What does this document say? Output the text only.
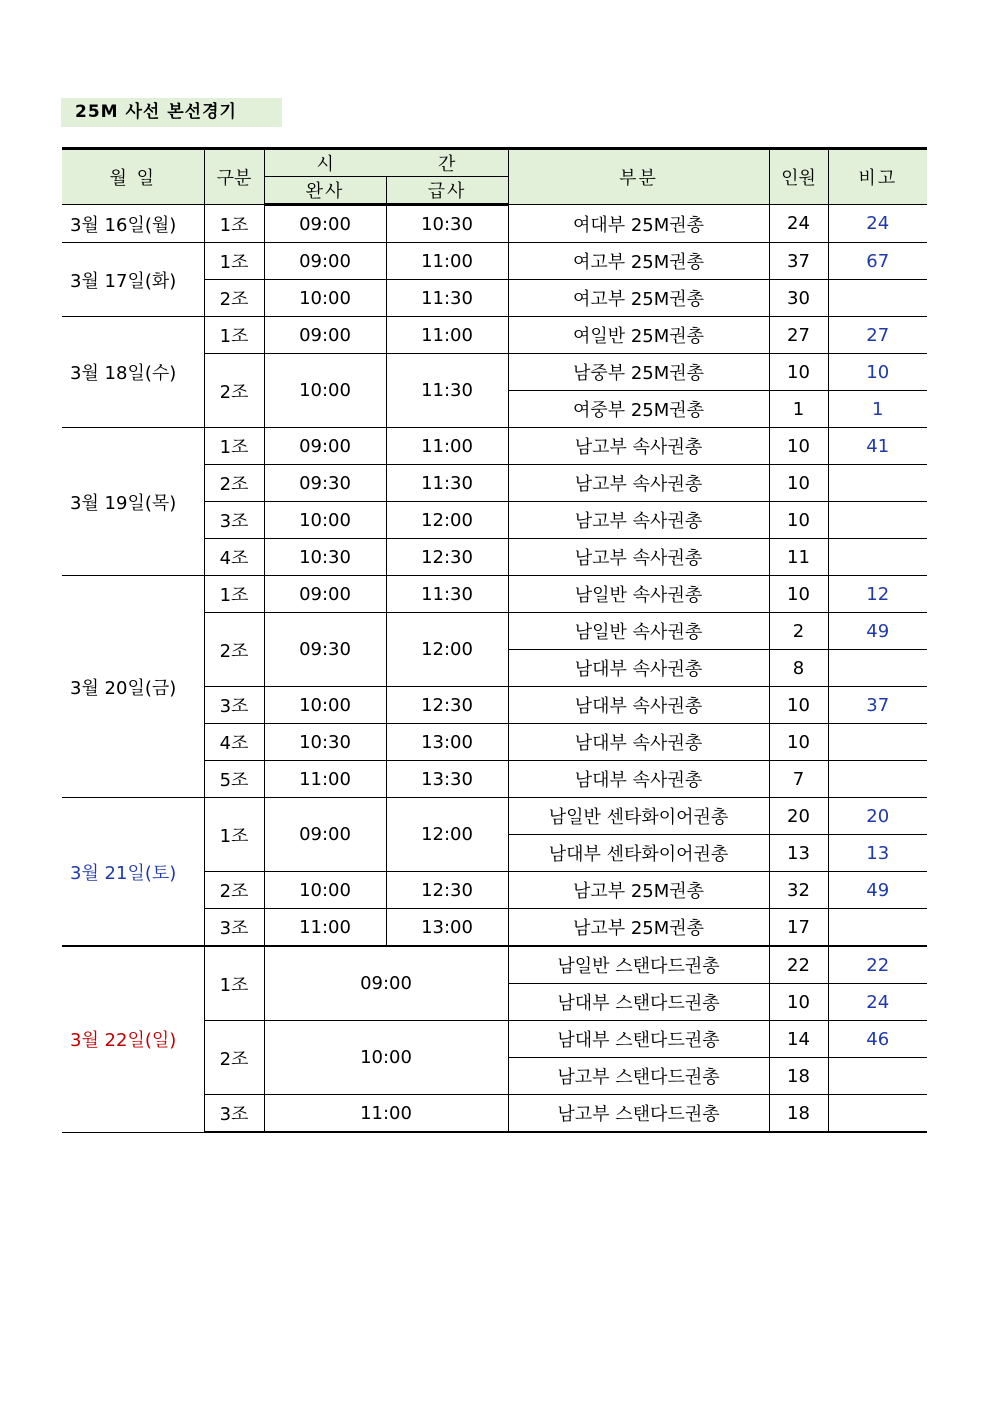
25M 사선 본선경기
월 일	구분	시	간	부분	인원	비고
		완사	급사			
3월 16일(월)	1조	09:00	10:30	여대부 25M권총	24	24
3월 17일(화)	1조	09:00	11:00	여고부 25M권총	37	67
	2조	10:00	11:30	여고부 25M권총	30	
3월 18일(수)	1조	09:00	11:00	여일반 25M권총	27	27
	2조	10:00	11:30	남중부 25M권총	10	10
				여중부 25M권총	1	1
3월 19일(목)	1조	09:00	11:00	남고부 속사권총	10	41
	2조	09:30	11:30	남고부 속사권총	10	
	3조	10:00	12:00	남고부 속사권총	10	
	4조	10:30	12:30	남고부 속사권총	11	
3월 20일(금)	1조	09:00	11:30	남일반 속사권총	10	12
	2조	09:30	12:00	남일반 속사권총	2	49
				남대부 속사권총	8	
	3조	10:00	12:30	남대부 속사권총	10	37
	4조	10:30	13:00	남대부 속사권총	10	
	5조	11:00	13:30	남대부 속사권총	7	
3월 21일(토)	1조	09:00	12:00	남일반 센타화이어권총	20	20
				남대부 센타화이어권총	13	13
	2조	10:00	12:30	남고부 25M권총	32	49
	3조	11:00	13:00	남고부 25M권총	17	
3월 22일(일)	1조	09:00		남일반 스탠다드권총	22	22
				남대부 스탠다드권총	10	24
	2조	10:00		남대부 스탠다드권총	14	46
				남고부 스탠다드권총	18	
	3조	11:00		남고부 스탠다드권총	18	
